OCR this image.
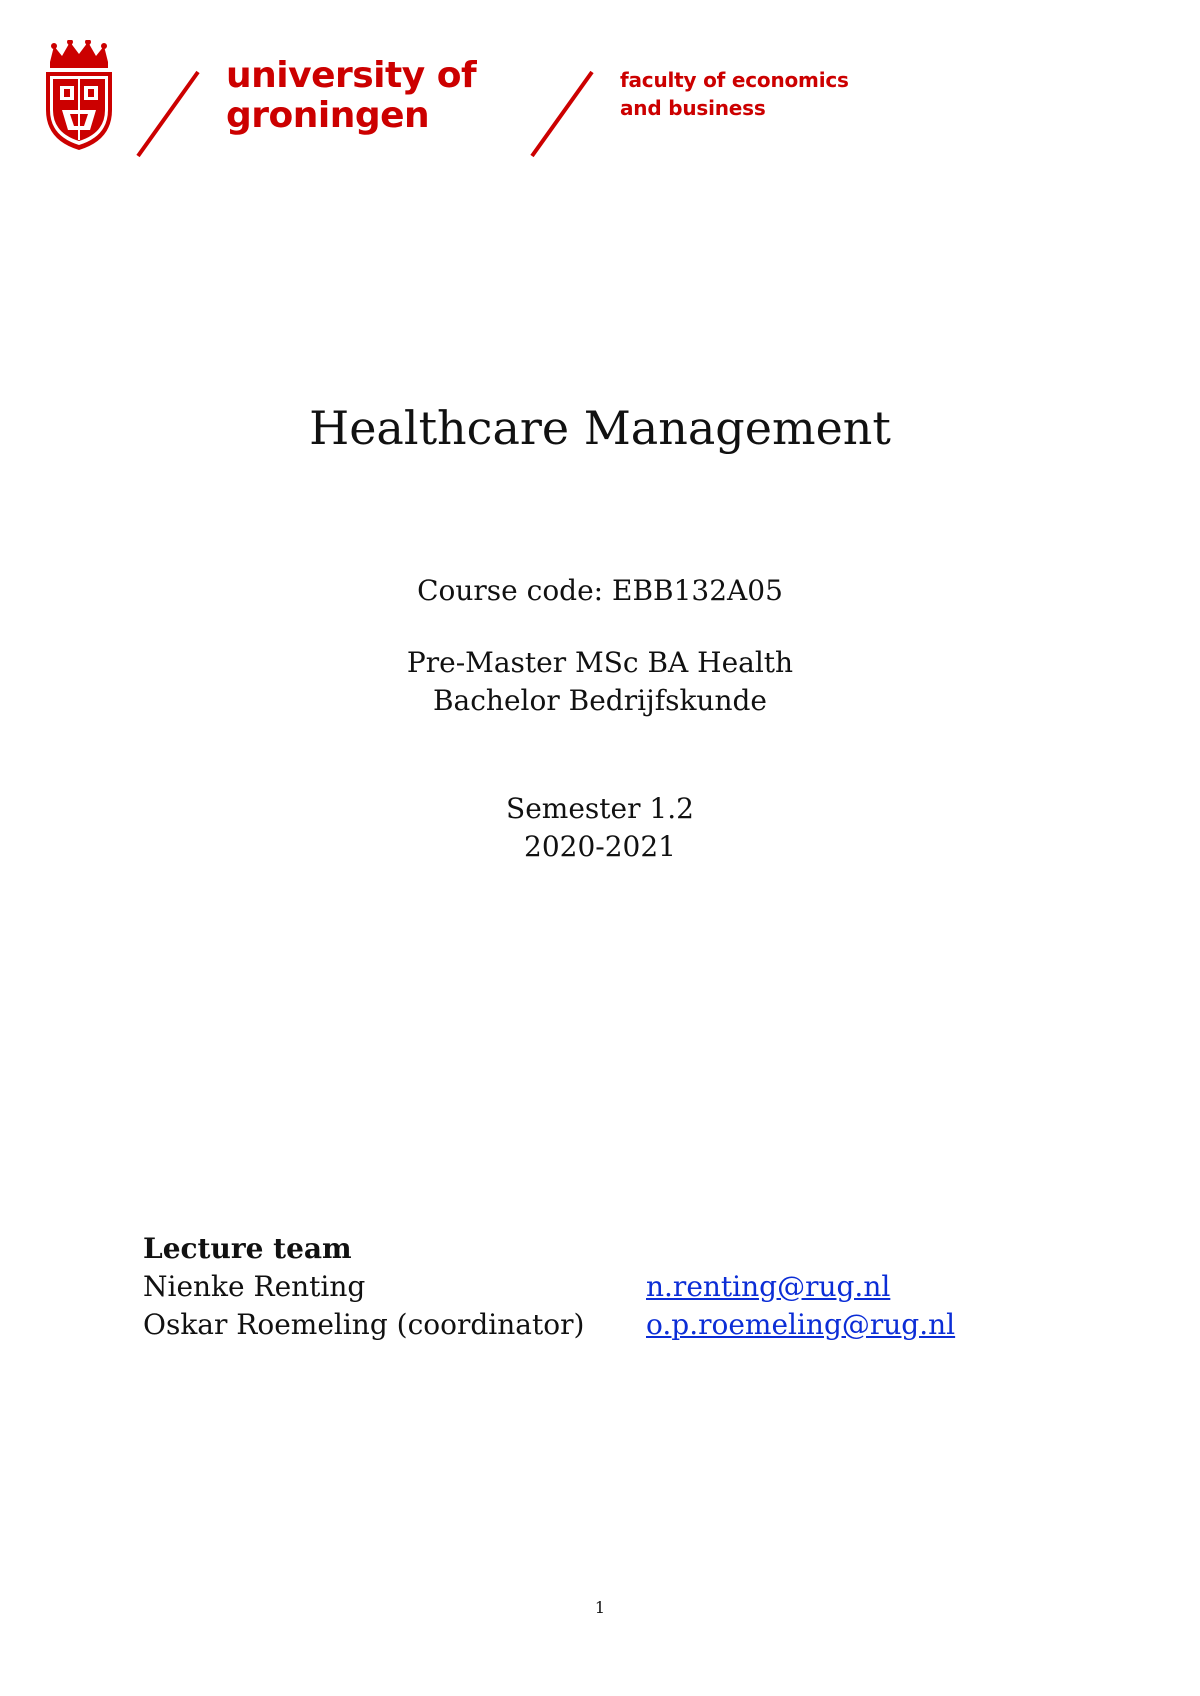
university of
groningen
faculty of economics
and business
Healthcare Management
Course code: EBB132A05
Pre-Master MSc BA Health
Bachelor Bedrijfskunde
Semester 1.2
2020-2021
Lecture team
Nienke Renting	n.renting@rug.nl
Oskar Roemeling (coordinator) o.p.roemeling@rug.nl
1
